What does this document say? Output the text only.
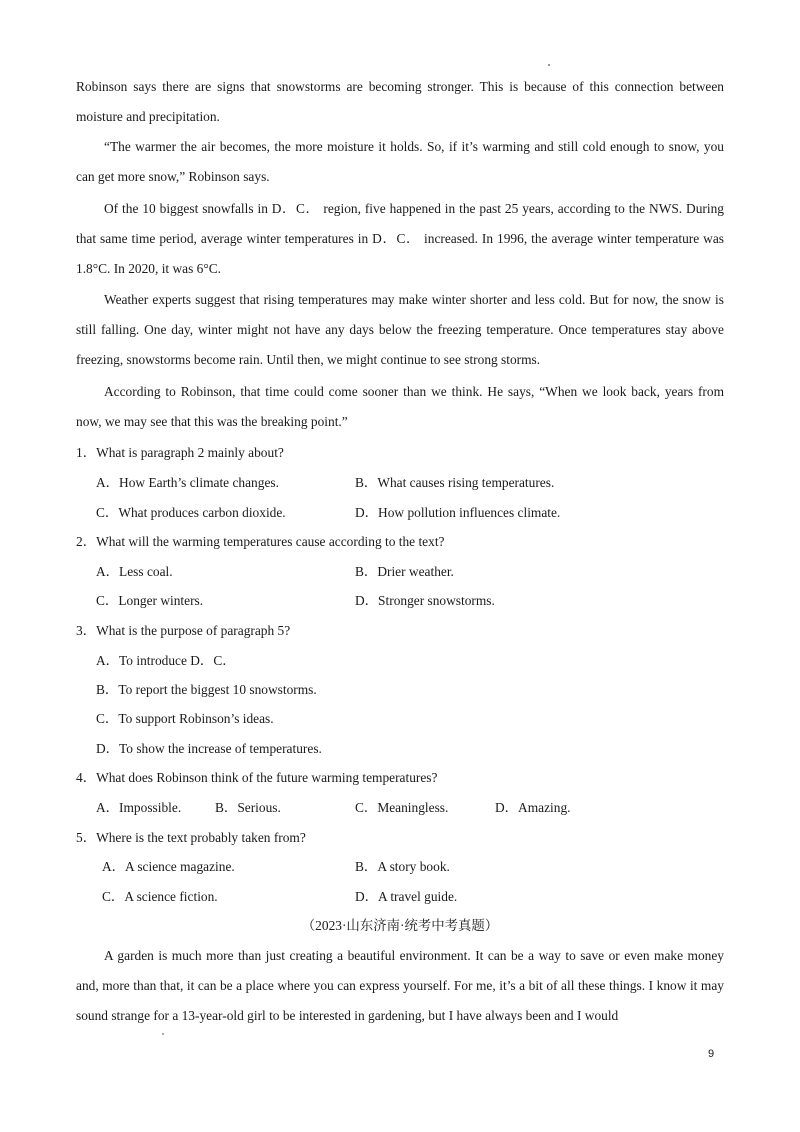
Robinson says there are signs that snowstorms are becoming stronger. This is because of this connection between moisture and precipitation.

“The warmer the air becomes, the more moisture it holds. So, if it’s warming and still cold enough to snow, you can get more snow,” Robinson says.

Of the 10 biggest snowfalls in D．C． region, five happened in the past 25 years, according to the NWS. During that same time period, average winter temperatures in D．C． increased. In 1996, the average winter temperature was 1.8°C. In 2020, it was 6°C.

Weather experts suggest that rising temperatures may make winter shorter and less cold. But for now, the snow is still falling. One day, winter might not have any days below the freezing temperature. Once temperatures stay above freezing, snowstorms become rain. Until then, we might continue to see strong storms.

According to Robinson, that time could come sooner than we think. He says, “When we look back, years from now, we may see that this was the breaking point.”

1．What is paragraph 2 mainly about?
A．How Earth’s climate changes.	B．What causes rising temperatures.
C．What produces carbon dioxide.	D．How pollution influences climate.
2．What will the warming temperatures cause according to the text?
A．Less coal.	B．Drier weather.
C．Longer winters.	D．Stronger snowstorms.
3．What is the purpose of paragraph 5?
A．To introduce D．C．
B．To report the biggest 10 snowstorms.
C．To support Robinson’s ideas.
D．To show the increase of temperatures.
4．What does Robinson think of the future warming temperatures?
A．Impossible.	B．Serious.	C．Meaningless.	D．Amazing.
5．Where is the text probably taken from?
A．A science magazine.	B．A story book.
C．A science fiction.	D．A travel guide.
（2023·山东济南·统考中考真题）

A garden is much more than just creating a beautiful environment. It can be a way to save or even make money and, more than that, it can be a place where you can express yourself. For me, it’s a bit of all these things. I know it may sound strange for a 13-year-old girl to be interested in gardening, but I have always been and I would

9
